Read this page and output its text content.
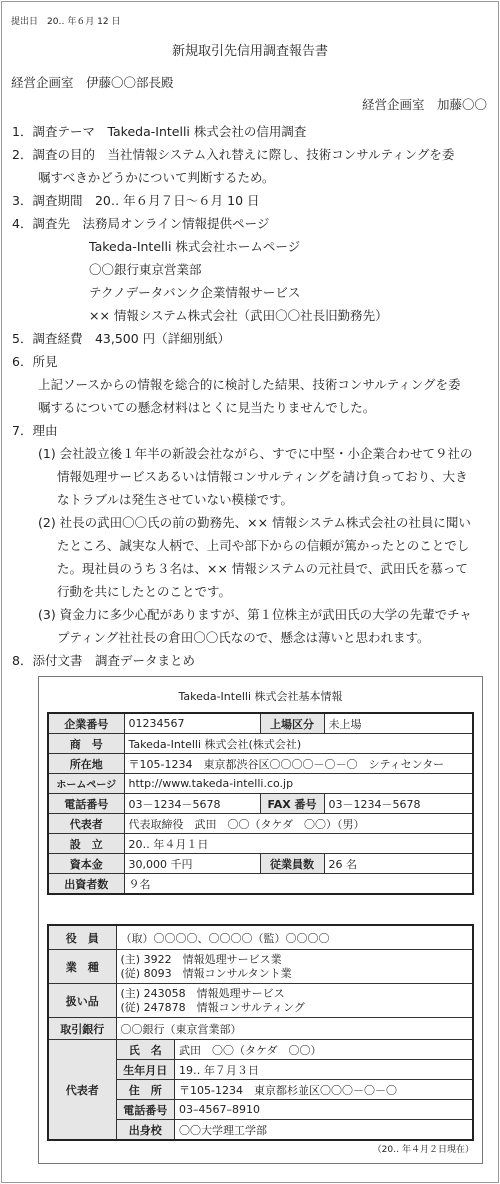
提出日　20‥ 年６月 12 日
新規取引先信用調査報告書
経営企画室　伊藤〇〇部長殿
経営企画室　加藤〇〇
1．調査テーマ　Takeda-Intelli 株式会社の信用調査
2．調査の目的　当社情報システム入れ替えに際し、技術コンサルティングを委
嘱すべきかどうかについて判断するため。
3．調査期間　20‥ 年６月７日～６月 10 日
4．調査先　法務局オンライン情報提供ページ
Takeda-Intelli 株式会社ホームページ
〇〇銀行東京営業部
テクノデータバンク企業情報サービス
×× 情報システム株式会社（武田〇〇社長旧勤務先）
5．調査経費　43,500 円（詳細別紙）
6．所見
上記ソースからの情報を総合的に検討した結果、技術コンサルティングを委
嘱するについての懸念材料はとくに見当たりませんでした。
7．理由
(1) 会社設立後１年半の新設会社ながら、すでに中堅・小企業合わせて９社の
情報処理サービスあるいは情報コンサルティングを請け負っており、大き
なトラブルは発生させていない模様です。
(2) 社長の武田〇〇氏の前の勤務先、×× 情報システム株式会社の社員に聞い
たところ、誠実な人柄で、上司や部下からの信頼が篤かったとのことでし
た。現社員のうち３名は、×× 情報システムの元社員で、武田氏を慕って
行動を共にしたとのことです。
(3) 資金力に多少心配がありますが、第１位株主が武田氏の大学の先輩でチャ
プティング社社長の倉田〇〇氏なので、懸念は薄いと思われます。
8．添付文書　調査データまとめ
Takeda-Intelli 株式会社基本情報
企業番号	01234567	上場区分	未上場
商　号	Takeda-Intelli 株式会社(株式会社)		
所在地	〒105-1234　東京都渋谷区〇〇〇〇－〇－〇　シティセンター		
ホームページ	http://www.takeda-intelli.co.jp		
電話番号	03－1234－5678	FAX 番号	03－1234－5678
代表者	代表取締役　武田　〇〇（タケダ　〇〇）（男）		
設　立	20‥ 年４月１日		
資本金	30,000 千円	従業員数	26 名
出資者数	９名		
役　員	（取）〇〇〇〇、〇〇〇〇（監）〇〇〇〇
業　種	
(主) 3922　情報処理サービス業
(従) 8093　情報コンサルタント業

扱い品	
(主) 243058　情報処理サービス
(従) 247878　情報コンサルティング

取引銀行	〇〇銀行（東京営業部）
代表者	
氏　名	武田　〇〇（タケダ　〇〇）
生年月日	19‥ 年７月３日
住　所	〒105-1234　東京都杉並区〇〇〇－〇－〇
電話番号	03–4567–8910
出身校	〇〇大学理工学部
（20‥ 年４月２日現在）
